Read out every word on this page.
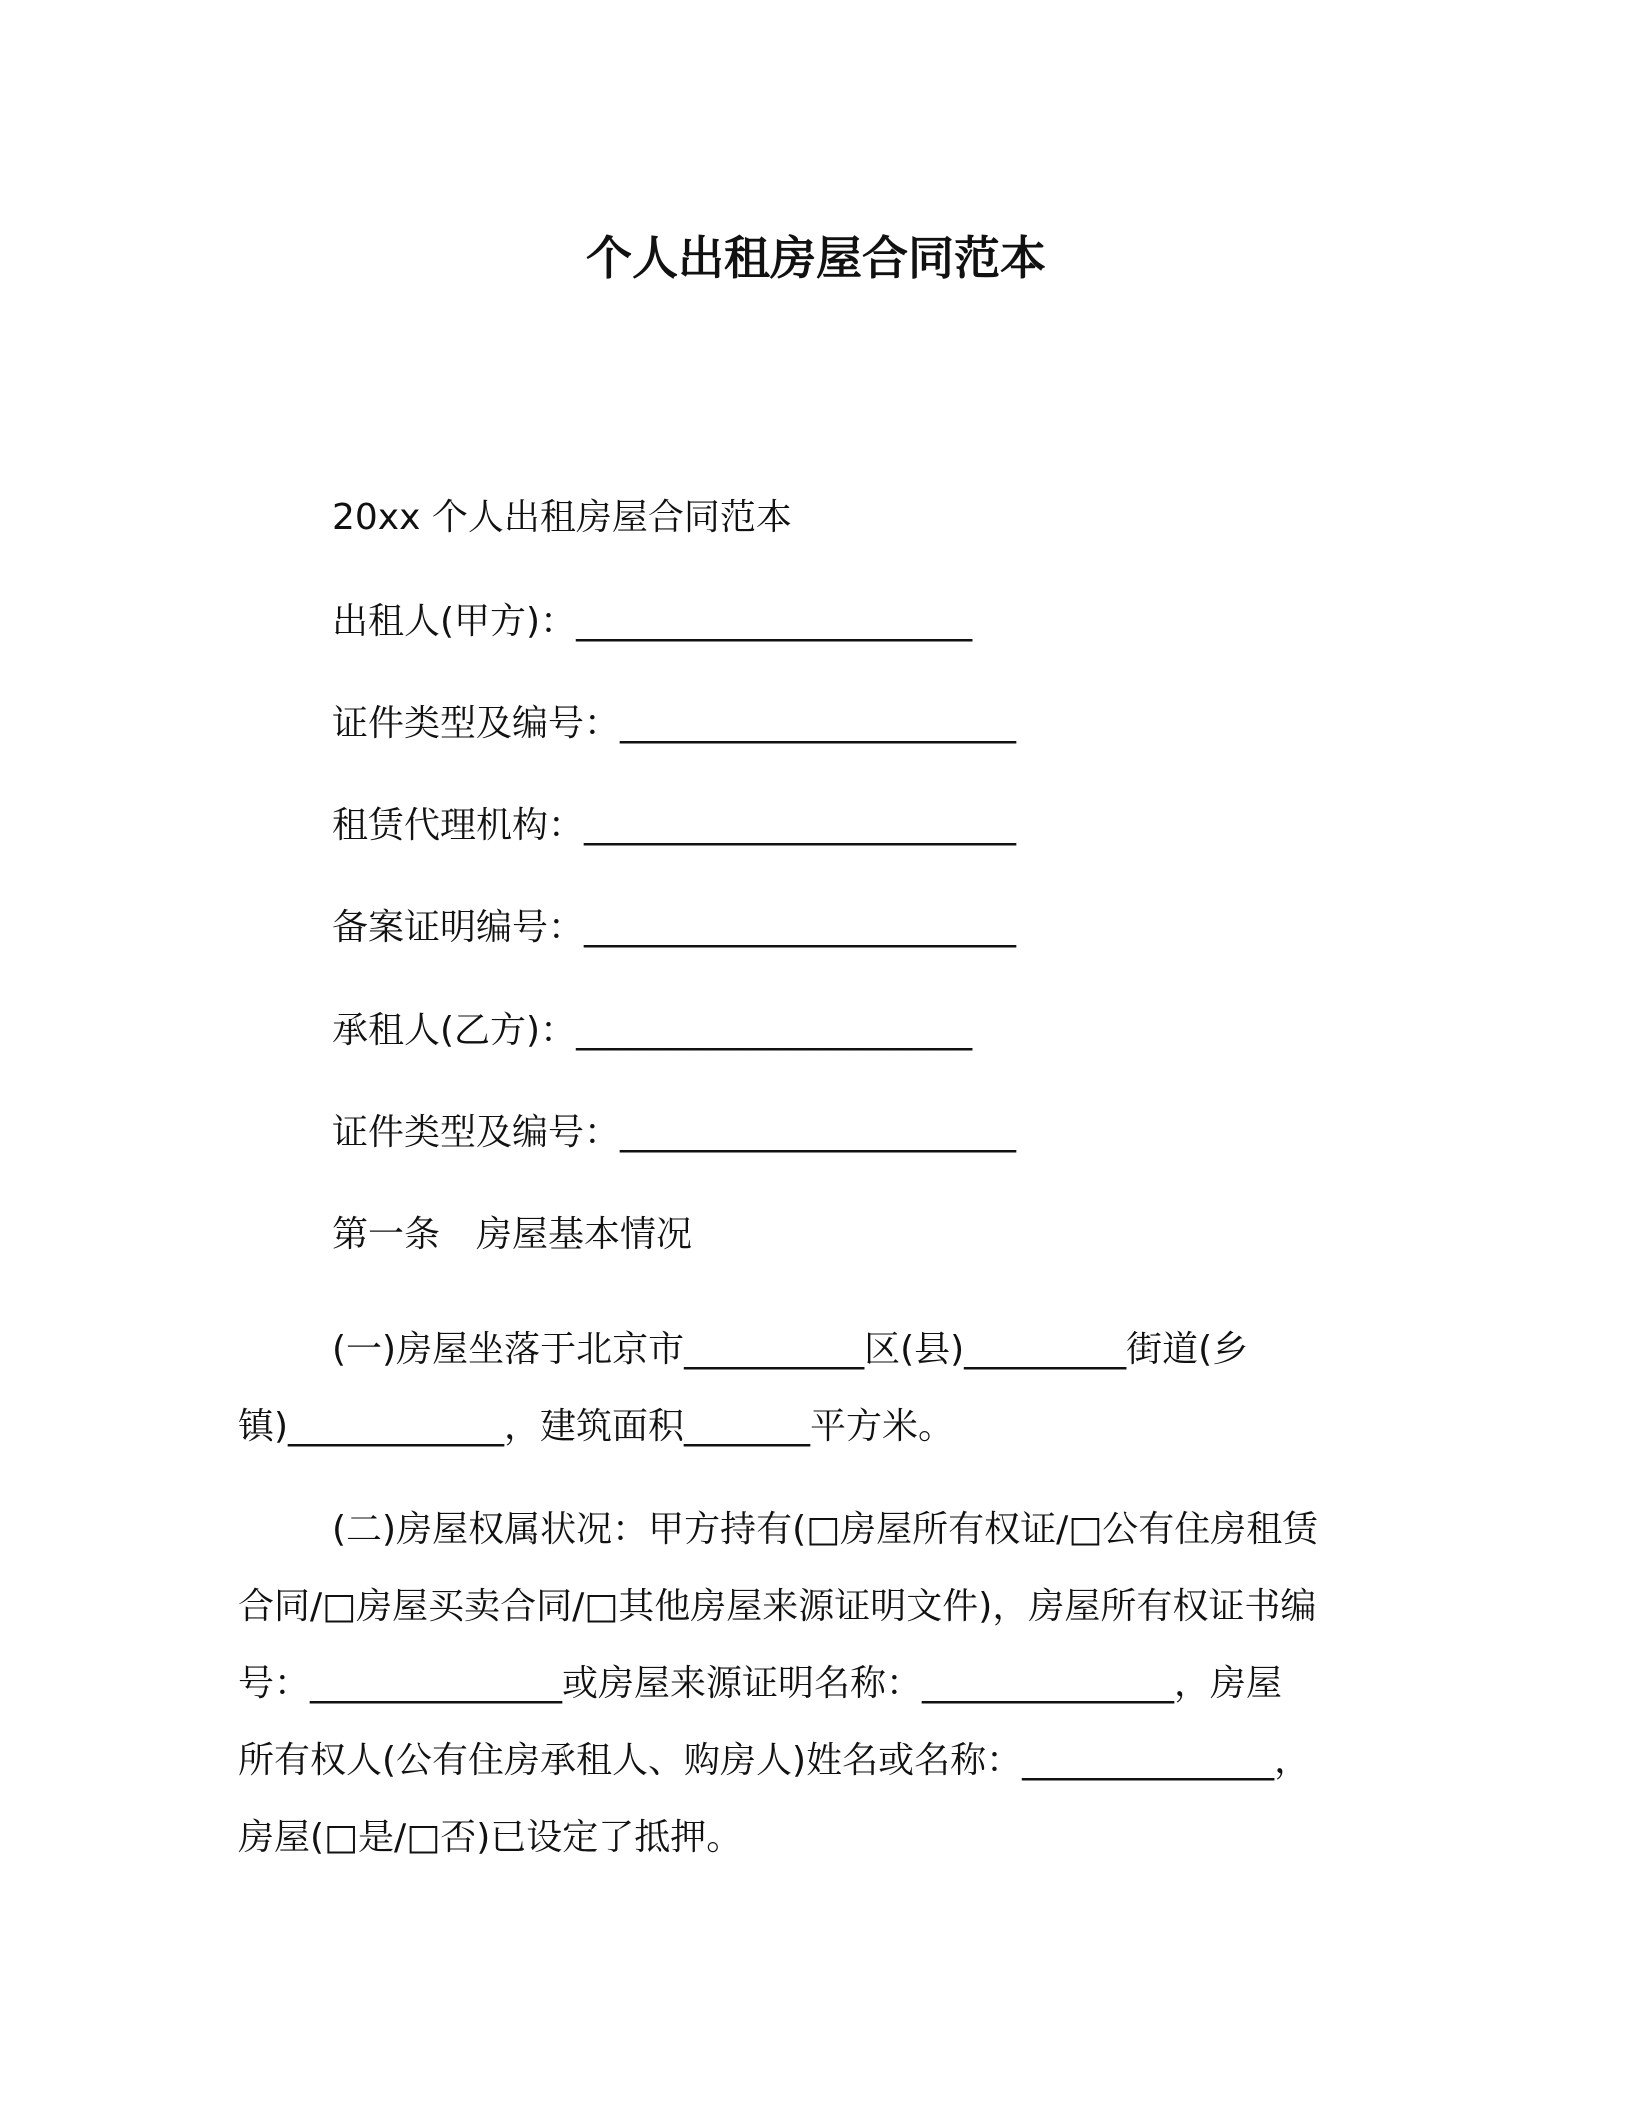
个人出租房屋合同范本
20xx 个人出租房屋合同范本
出租人(甲方)：______________________
证件类型及编号：______________________
租赁代理机构：________________________
备案证明编号：________________________
承租人(乙方)：______________________
证件类型及编号：______________________
第一条　房屋基本情况

(一)房屋坐落于北京市__________区(县)_________街道(乡

镇)____________，建筑面积_______平方米。

(二)房屋权属状况：甲方持有(□房屋所有权证/□公有住房租赁

合同/□房屋买卖合同/□其他房屋来源证明文件)，房屋所有权证书编

号：______________或房屋来源证明名称：______________，房屋

所有权人(公有住房承租人、购房人)姓名或名称：______________，

房屋(□是/□否)已设定了抵押。
